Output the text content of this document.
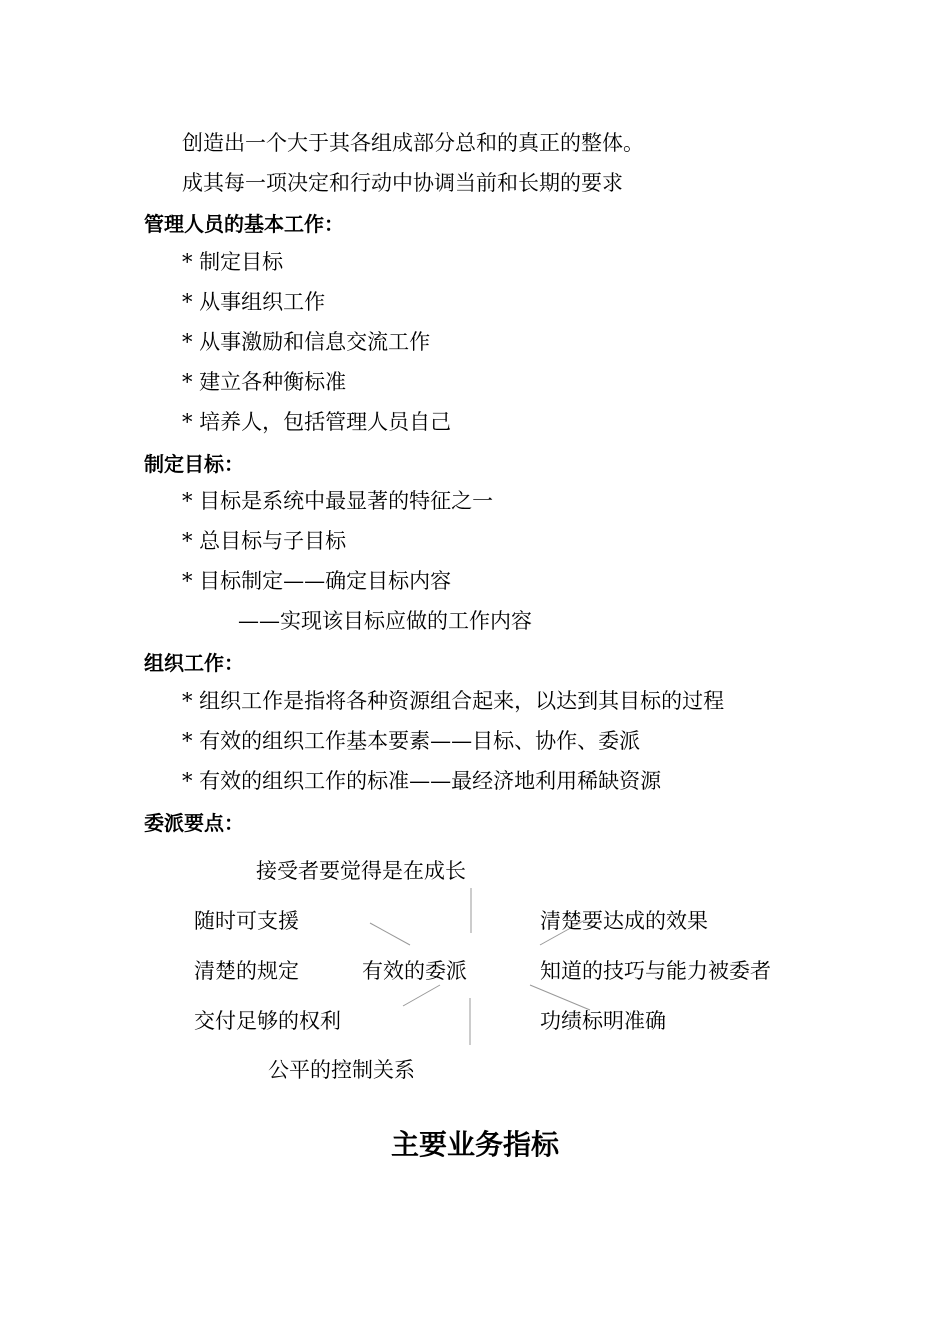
创造出一个大于其各组成部分总和的真正的整体。
成其每一项决定和行动中协调当前和长期的要求
管理人员的基本工作：
* 制定目标
* 从事组织工作
* 从事激励和信息交流工作
* 建立各种衡标准
* 培养人，包括管理人员自己
制定目标：
* 目标是系统中最显著的特征之一
* 总目标与子目标
* 目标制定——确定目标内容
——实现该目标应做的工作内容
组织工作：
* 组织工作是指将各种资源组合起来，以达到其目标的过程
* 有效的组织工作基本要素——目标、协作、委派
* 有效的组织工作的标准——最经济地利用稀缺资源
委派要点：
接受者要觉得是在成长
随时可支援
清楚的规定
交付足够的权利
有效的委派
清楚要达成的效果
知道的技巧与能力被委者
功绩标明准确
公平的控制关系
主要业务指标
